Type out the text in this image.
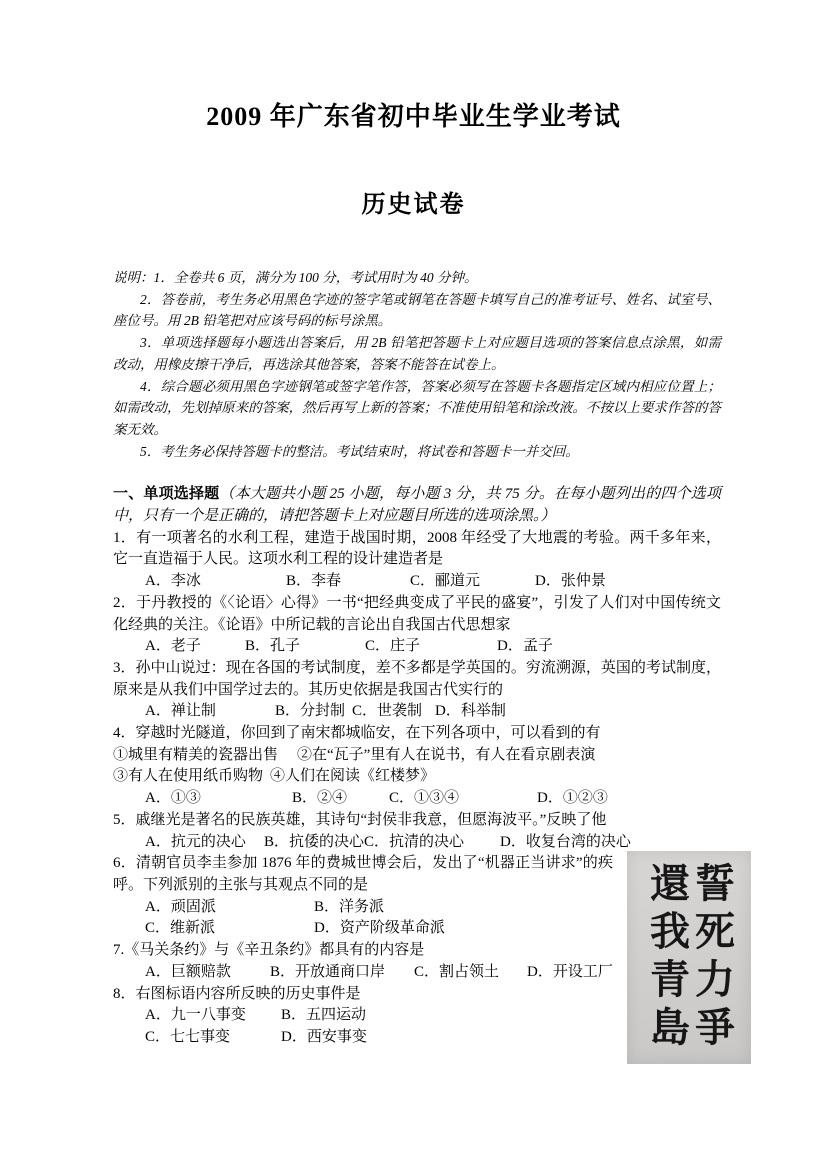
2009 年广东省初中毕业生学业考试
历史试卷

说明：1．全卷共 6 页，满分为 100 分，考试用时为 40 分钟。

2．答卷前，考生务必用黑色字迹的签字笔或钢笔在答题卡填写自己的准考证号、姓名、试室号、座位号。用 2B 铅笔把对应该号码的标号涂黑。

3．单项选择题每小题选出答案后，用 2B 铅笔把答题卡上对应题目选项的答案信息点涂黑，如需改动，用橡皮擦干净后，再选涂其他答案，答案不能答在试卷上。

4．综合题必须用黑色字迹钢笔或签字笔作答，答案必须写在答题卡各题指定区域内相应位置上；如需改动，先划掉原来的答案，然后再写上新的答案；不准使用铅笔和涂改液。不按以上要求作答的答案无效。

5．考生务必保持答题卡的整洁。考试结束时，将试卷和答题卡一并交回。

一、单项选择题（本大题共小题 25 小题，每小题 3 分，共 75 分。在每小题列出的四个选项中，只有一个是正确的，请把答题卡上对应题目所选的选项涂黑。）

1．有一项著名的水利工程，建造于战国时期，2008 年经受了大地震的考验。两千多年来，它一直造福于人民。这项水利工程的设计建造者是

A．李冰	B．李春	C．郦道元	D．张仲景

2．于丹教授的《〈论语〉心得》一书“把经典变成了平民的盛宴”，引发了人们对中国传统文化经典的关注。《论语》中所记载的言论出自我国古代思想家

A．老子	B．孔子	C．庄子	D．孟子

3．孙中山说过：现在各国的考试制度，差不多都是学英国的。穷流溯源，英国的考试制度，原来是从我们中国学过去的。其历史依据是我国古代实行的

A．禅让制	B．分封制 C．世袭制 D．科举制

4．穿越时光隧道，你回到了南宋都城临安，在下列各项中，可以看到的有

①城里有精美的瓷器出售	②在“瓦子”里有人在说书，有人在看京剧表演
③有人在使用纸币购物 ④人们在阅读《红楼梦》
A．①③	B．②④	C．①③④	D．①②③

5．戚继光是著名的民族英雄，其诗句“封侯非我意，但愿海波平。”反映了他

A．抗元的决心	B．抗倭的决心 C．抗清的决心	D．收复台湾的决心
誓死力爭
還我青島

6．清朝官员李圭参加 1876 年的费城世博会后，发出了“机器正当讲求”的疾呼。下列派别的主张与其观点不同的是

A．顽固派	B．洋务派
C．维新派	D．资产阶级革命派

7.《马关条约》与《辛丑条约》都具有的内容是

A．巨额赔款	B．开放通商口岸	C．割占领土	D．开设工厂

8．右图标语内容所反映的历史事件是

A．九一八事变	B．五四运动
C．七七事变	D．西安事变
